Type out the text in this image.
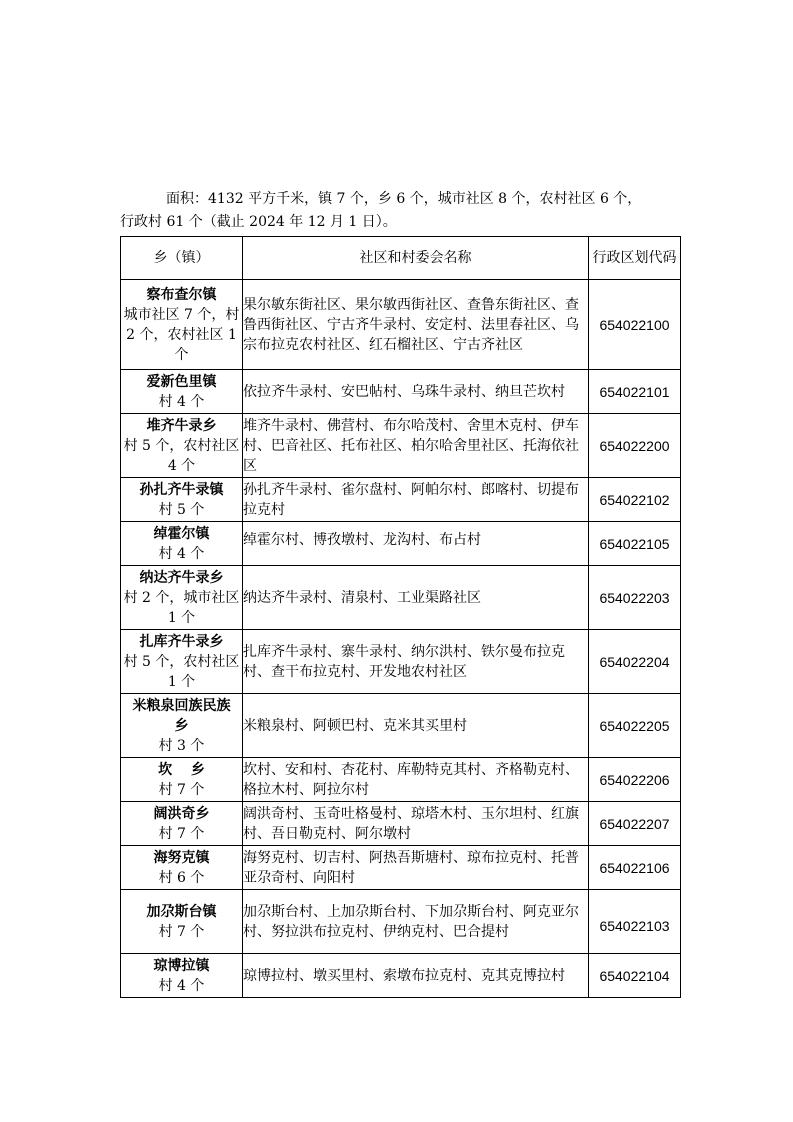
面积：4132 平方千米，镇 7 个，乡 6 个，城市社区 8 个，农村社区 6 个，
行政村 61 个（截止 2024 年 12 月 1 日）。
乡（镇）	社区和村委会名称	行政区划代码

察布查尔镇
城市社区 7 个，村 2 个，农村社区 1 个	果尔敏东街社区、果尔敏西街社区、查鲁东街社区、查鲁西街社区、宁古齐牛录村、安定村、法里春社区、乌宗布拉克农村社区、红石榴社区、宁古齐社区	654022100

爱新色里镇
村 4 个	依拉齐牛录村、安巴帖村、乌珠牛录村、纳旦芒坎村	654022101

堆齐牛录乡
村 5 个，农村社区 4 个	堆齐牛录村、佛营村、布尔哈茂村、舍里木克村、伊车村、巴音社区、托布社区、柏尔哈舍里社区、托海依社区	654022200

孙扎齐牛录镇
村 5 个	孙扎齐牛录村、雀尔盘村、阿帕尔村、郎喀村、切提布拉克村	654022102

绰霍尔镇
村 4 个	绰霍尔村、博孜墩村、龙沟村、布占村	654022105

纳达齐牛录乡
村 2 个，城市社区 1 个	纳达齐牛录村、清泉村、工业渠路社区	654022203

扎库齐牛录乡
村 5 个，农村社区 1 个	扎库齐牛录村、寨牛录村、纳尔洪村、铁尔曼布拉克村、查干布拉克村、开发地农村社区	654022204

米粮泉回族民族乡
村 3 个	米粮泉村、阿顿巴村、克米其买里村	654022205

坎　 乡
村 7 个	坎村、安和村、杏花村、库勒特克其村、齐格勒克村、格拉木村、阿拉尔村	654022206

阔洪奇乡
村 7 个	阔洪奇村、玉奇吐格曼村、琼塔木村、玉尔坦村、红旗村、吾日勒克村、阿尔墩村	654022207

海努克镇
村 6 个	海努克村、切吉村、阿热吾斯塘村、琼布拉克村、托普亚尕奇村、向阳村	654022106

加尕斯台镇
村 7 个	加尕斯台村、上加尕斯台村、下加尕斯台村、阿克亚尔村、努拉洪布拉克村、伊纳克村、巴合提村	654022103

琼博拉镇
村 4 个	琼博拉村、墩买里村、索墩布拉克村、克其克博拉村	654022104
